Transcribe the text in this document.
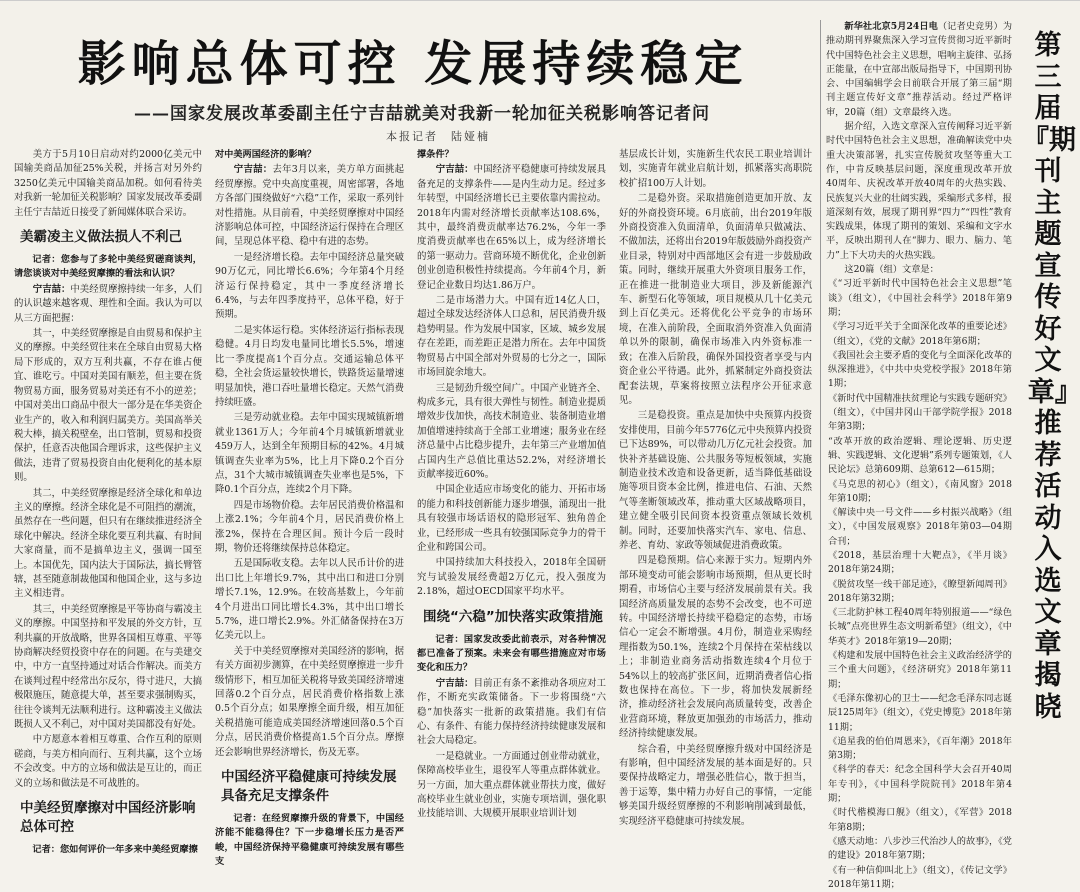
影响总体可控 发展持续稳定
——国家发展改革委副主任宁吉喆就美对我新一轮加征关税影响答记者问
本报记者　陆娅楠

美方于5月10日启动对约2000亿美元中国输美商品加征25%关税，并扬言对另外约3250亿美元中国输美商品加税。如何看待美对我新一轮加征关税影响？国家发展改革委副主任宁吉喆近日接受了新闻媒体联合采访。

美霸凌主义做法损人不利己

记者：您参与了多轮中美经贸磋商谈判，请您谈谈对中美经贸摩擦的看法和认识？

宁吉喆：中美经贸摩擦持续一年多，人们的认识越来越客观、理性和全面。我认为可以从三方面把握：

其一，中美经贸摩擦是自由贸易和保护主义的摩擦。中美经贸往来在全球自由贸易大格局下形成的，双方互利共赢，不存在谁占便宜、谁吃亏。中国对美国有顺差，但主要在货物贸易方面，服务贸易对美还有不小的逆差；中国对美出口商品中很大一部分是在华美资企业生产的，收入和利润归属美方。美国高举关税大棒，搞关税壁垒，出口管制，贸易和投资保护，任意否决他国合理诉求，这些保护主义做法，违背了贸易投资自由化便利化的基本原则。

其二，中美经贸摩擦是经济全球化和单边主义的摩擦。经济全球化是不可阻挡的潮流，虽然存在一些问题，但只有在继续推进经济全球化中解决。经济全球化要互利共赢、有时间大家商量，而不是搞单边主义，强调一国至上。本国优先，国内法大于国际法，搞长臂管辖，甚至随意制裁他国和他国企业，这与多边主义相违背。

其三，中美经贸摩擦是平等协商与霸凌主义的摩擦。中国坚持和平发展的外交方针，互利共赢的开放战略，世界各国相互尊重、平等协商解决经贸投资中存在的问题。在与美建交中，中方一直坚持通过对话合作解决。而美方在谈判过程中经常出尔反尔，得寸进尺，大搞极限施压，随意提大单，甚至要求强制购买，往往令谈判无法顺利进行。这种霸凌主义做法既损人又不利己，对中国对美国都没有好处。

中方愿意本着相互尊重、合作互利的原则磋商，与美方相向而行、互利共赢，这个立场不会改变。中方的立场和做法是互让的，而正义的立场和做法是不可战胜的。

中美经贸摩擦对中国经济影响总体可控

记者：您如何评价一年多来中美经贸摩擦

对中美两国经济的影响？

宁吉喆：去年3月以来，美方单方面挑起经贸摩擦。党中央高度重视，周密部署，各地方各部门围绕做好“六稳”工作，采取一系列针对性措施。从目前看，中美经贸摩擦对中国经济影响总体可控，中国经济运行保持在合理区间，呈现总体平稳、稳中有进的态势。

一是经济增长稳。去年中国经济总量突破90万亿元，同比增长6.6%；今年第4个月经济运行保持稳定，其中一季度经济增长6.4%，与去年四季度持平，总体平稳，好于预期。

二是实体运行稳。实体经济运行指标表现稳健。4月日均发电量同比增长5.5%，增速比一季度提高1个百分点。交通运输总体平稳，全社会货运量较快增长，铁路货运量增速明显加快，港口吞吐量增长稳定。天然气消费持续旺盛。

三是劳动就业稳。去年中国实现城镇新增就业1361万人；今年前4个月城镇新增就业459万人，达到全年预期目标的42%。4月城镇调查失业率为5%，比上月下降0.2个百分点，31个大城市城镇调查失业率也是5%，下降0.1个百分点，连续2个月下降。

四是市场物价稳。去年居民消费价格温和上涨2.1%；今年前4个月，居民消费价格上涨2%，保持在合理区间。预计今后一段时期，物价还将继续保持总体稳定。

五是国际收支稳。去年以人民币计价的进出口比上年增长9.7%，其中出口和进口分别增长7.1%，12.9%。在较高基数上，今年前4个月进出口同比增长4.3%，其中出口增长5.7%，进口增长2.9%。外汇储备保持在3万亿美元以上。

关于中美经贸摩擦对美国经济的影响，据有关方面初步测算，在中美经贸摩擦进一步升级情形下，相互加征关税将导致美国经济增速回落0.2个百分点，居民消费价格指数上涨0.5个百分点；如果摩擦全面升级，相互加征关税措施可能造成美国经济增速回落0.5个百分点，居民消费价格提高1.5个百分点。摩擦还会影响世界经济增长，伤及无辜。

中国经济平稳健康可持续发展具备充足支撑条件

记者：在经贸摩擦升级的背景下，中国经济能不能稳得住？下一步稳增长压力是否严峻，中国经济保持平稳健康可持续发展有哪些支

撑条件？

宁吉喆：中国经济平稳健康可持续发展具备充足的支撑条件——是内生动力足。经过多年转型，中国经济增长已主要依靠内需拉动。2018年内需对经济增长贡献率达108.6%，其中，最终消费贡献率达76.2%，今年一季度消费贡献率也在65%以上，成为经济增长的第一驱动力。营商环境不断优化，企业创新创业创造积极性持续提高。今年前4个月，新登记企业数日均达1.86万户。

二是市场潜力大。中国有近14亿人口，超过全球发达经济体人口总和，居民消费升级趋势明显。作为发展中国家，区域、城乡发展存在差距，而差距正是潜力所在。去年中国货物贸易占中国全部对外贸易的七分之一，国际市场回旋余地大。

三是韧劲升级空间广。中国产业链齐全、构成多元，具有很大弹性与韧性。制造业提质增效步伐加快，高技术制造业、装备制造业增加值增速持续高于全部工业增速；服务业在经济总量中占比稳步提升，去年第三产业增加值占国内生产总值比重达52.2%，对经济增长贡献率接近60%。

中国企业适应市场变化的能力、开拓市场的能力和科技创新能力逐步增强，涌现出一批具有较强市场话语权的隐形冠军、独角兽企业，已经形成一些具有较强国际竞争力的骨干企业和跨国公司。

中国持续加大科技投入，2018年全国研究与试验发展经费超2万亿元，投入强度为2.18%，超过OECD国家平均水平。

围绕“六稳”加快落实政策措施

记者：国家发改委此前表示，对各种情况都已准备了预案。未来会有哪些措施应对市场变化和压力？

宁吉喆：目前正有条不紊推动各项应对工作，不断充实政策储备。下一步将围绕“六稳”加快落实一批新的政策措施。我们有信心、有条件、有能力保持经济持续健康发展和社会大局稳定。

一是稳就业。一方面通过创业带动就业，保障高校毕业生，退役军人等重点群体就业。另一方面，加大重点群体就业帮扶力度，做好高校毕业生就业创业，实施专项培训，强化职业技能培训、大规模开展职业培训计划

基层成长计划，实施新生代农民工职业培训计划，实施青年就业启航计划，抓紧落实高职院校扩招100万人计划。

二是稳外资。采取措施创造更加开放、友好的外商投资环境。6月底前，出台2019年版外商投资准入负面清单，负面清单只做减法、不做加法，还将出台2019年版鼓励外商投资产业目录，特别对中西部地区会有进一步鼓励政策。同时，继续开展重大外资项目服务工作，正在推进一批制造业大项目，涉及新能源汽车、新型石化等领域，项目规模从几十亿美元到上百亿美元。还将优化公平竞争的市场环境，在准入前阶段，全面取消外资准入负面清单以外的限制，确保市场准入内外资标准一致；在准入后阶段，确保外国投资者享受与内资企业公平待遇。此外，抓紧制定外商投资法配套法规，草案将按照立法程序公开征求意见。

三是稳投资。重点是加快中央预算内投资安排使用，目前今年5776亿元中央预算内投资已下达89%，可以带动几万亿元社会投资。加快补齐基础设施、公共服务等短板领域，实施制造业技术改造和设备更新，适当降低基础设施等项目资本金比例，推进电信、石油、天然气等垄断领域改革，推动重大区域战略项目，建立健全吸引民间资本投资重点领域长效机制。同时，还要加快落实汽车、家电、信息、养老、育幼、家政等领域促进消费政策。

四是稳预期。信心来源于实力。短期内外部环境变动可能会影响市场预期，但从更长时期看，市场信心主要与经济发展前景有关。我国经济高质量发展的态势不会改变，也不可逆转。中国经济增长持续平稳稳定的态势，市场信心一定会不断增强。4月份，制造业采购经理指数为50.1%，连续2个月保持在荣枯线以上；非制造业商务活动指数连续4个月位于54%以上的较高扩张区间，近期消费者信心指数也保持在高位。下一步，将加快发展新经济，推动经济社会发展向高质量转变，改善企业营商环境，释放更加强劲的市场活力，推动经济持续健康发展。

综合看，中美经贸摩擦升级对中国经济是有影响，但中国经济发展的基本面是好的。只要保持战略定力，增强必胜信心，散于担当，善于运筹，集中精力办好自己的事情，一定能够美国升级经贸摩擦的不利影响削减到最低，实现经济平稳健康可持续发展。

新华社北京5月24日电（记者史竞男）为推动期刊界聚焦深入学习宣传贯彻习近平新时代中国特色社会主义思想，唱响主旋律、弘扬正能量，在中宣部出版局指导下，中国期刊协会、中国编辑学会日前联合开展了第三届“期刊主题宣传好文章”推荐活动。经过严格评审，20篇（组）文章最终入选。

据介绍，入选文章深入宣传阐释习近平新时代中国特色社会主义思想，准确解读党中央重大决策部署，扎实宣传脱贫攻坚等重大工作，中肯反映基层问题，深度重现改革开放40周年、庆祝改革开放40周年的火热实践、民族复兴大业的壮阔实践，采编形式多样，报道深刻有效，展现了期刊界“四力”“四性”教育实践成果，体现了期刊的策划、采编和文字水平，反映出期刊人在“脚力、眼力、脑力、笔力”上下大功夫的火热实践。

这20篇（组）文章是：

《“习近平新时代中国特色社会主义思想”笔谈》（组文），《中国社会科学》2018年第9期；

《学习习近平关于全面深化改革的重要论述》（组文），《党的文献》2018年第6期；

《我国社会主要矛盾的变化与全面深化改革的纵深推进》，《中共中央党校学报》2018年第1期；

《新时代中国精准扶贫理论与实践专题研究》（组文），《中国井冈山干部学院学报》2018年第3期；

“改革开放的政治逻辑、理论逻辑、历史逻辑、实践逻辑、文化逻辑”系列专题策划，《人民论坛》总第609期、总第612—615期；

《马克思的初心》（组文），《南风窗》2018年第10期；

《解读中央一号文件——乡村振兴战略》（组文），《中国发展观察》2018年第03—04期合刊；

《2018，基层治理十大靶点》，《半月谈》2018年第24期；

《脱贫攻坚一线干部足迹》，《瞭望新闻周刊》2018年第32期；

《三北防护林工程40周年特别报道——“绿色长城”点亮世界生态文明新希望》（组文），《中华英才》2018年第19—20期；

《构建和发展中国特色社会主义政治经济学的三个重大问题》，《经济研究》2018年第11期；

《毛泽东像初心的卫士——纪念毛泽东同志诞辰125周年》（组文），《党史博览》2018年第11期；

《追星我的伯伯周恩来》，《百年潮》2018年第3期；

《科学的春天：纪念全国科学大会召开40周年专刊》，《中国科学院院刊》2018年第4期；

《时代楷模海口舰》（组文），《军营》2018年第8期；

《感天动地：八步沙三代治沙人的故事》，《党的建设》2018年第7期；

《有一种信仰叫北上》（组文），《传记文学》2018年第11期；

第三届
『期刊
主题宣
传好文
章』推
荐活动
入选文
章揭晓
